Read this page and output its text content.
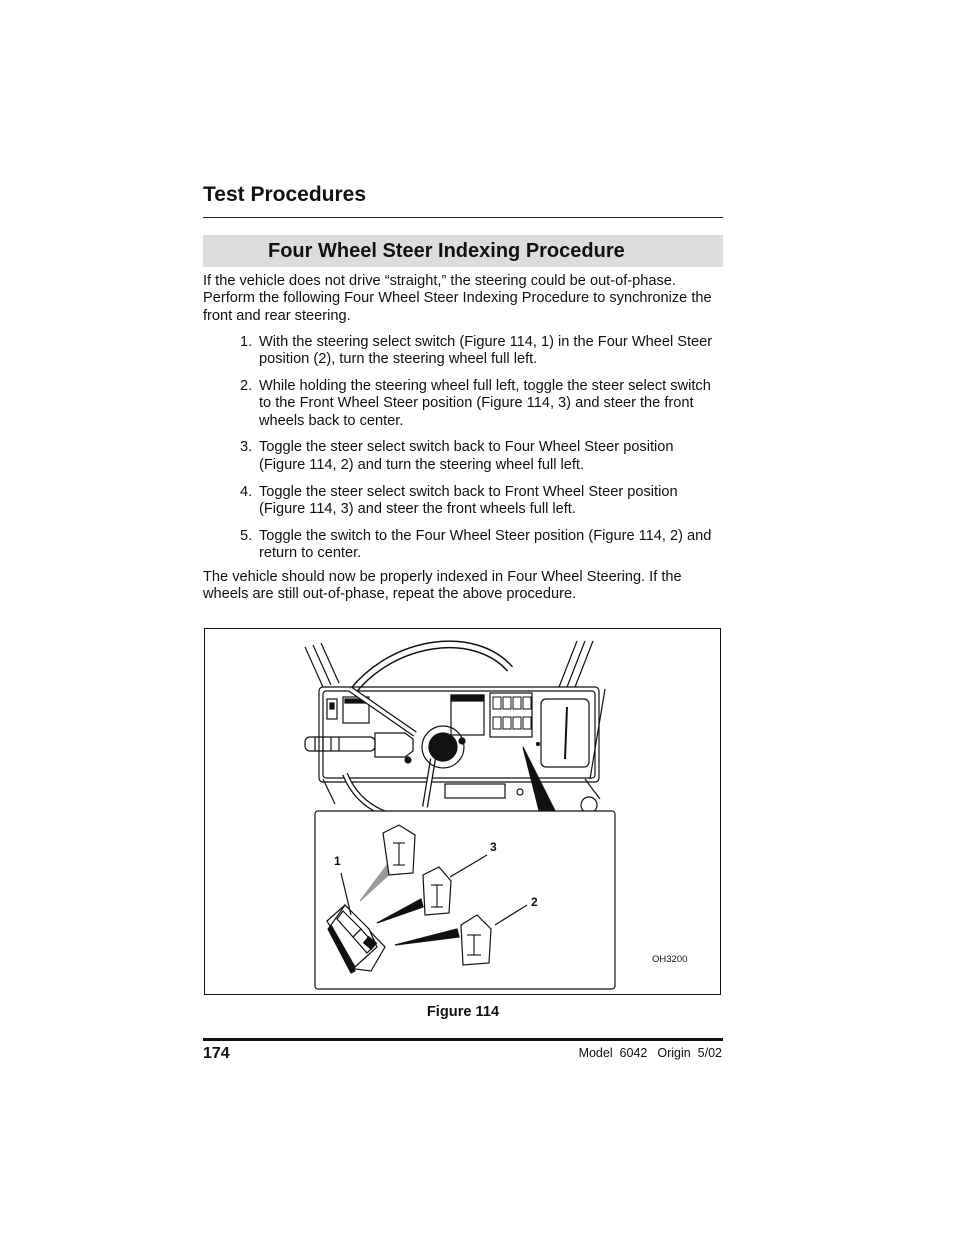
Test Procedures
Four Wheel Steer Indexing Procedure

If the vehicle does not drive “straight,” the steering could be out-of-phase. Perform the following Four Wheel Steer Indexing Procedure to synchronize the front and rear steering.

1. With the steering select switch (Figure 114, 1) in the Four Wheel Steer position (2), turn the steering wheel full left.
2. While holding the steering wheel full left, toggle the steer select switch to the Front Wheel Steer position (Figure 114, 3) and steer the front wheels back to center.
3. Toggle the steer select switch back to Four Wheel Steer position (Figure 114, 2) and turn the steering wheel full left.
4. Toggle the steer select switch back to Front Wheel Steer position (Figure 114, 3) and steer the front wheels full left.
5. Toggle the switch to the Four Wheel Steer position (Figure 114, 2) and return to center.

The vehicle should now be properly indexed in Four Wheel Steering. If the wheels are still out-of-phase, repeat the above procedure.

1
2
3
OH3200
Figure 114
174	Model  6042 Origin  5/02
